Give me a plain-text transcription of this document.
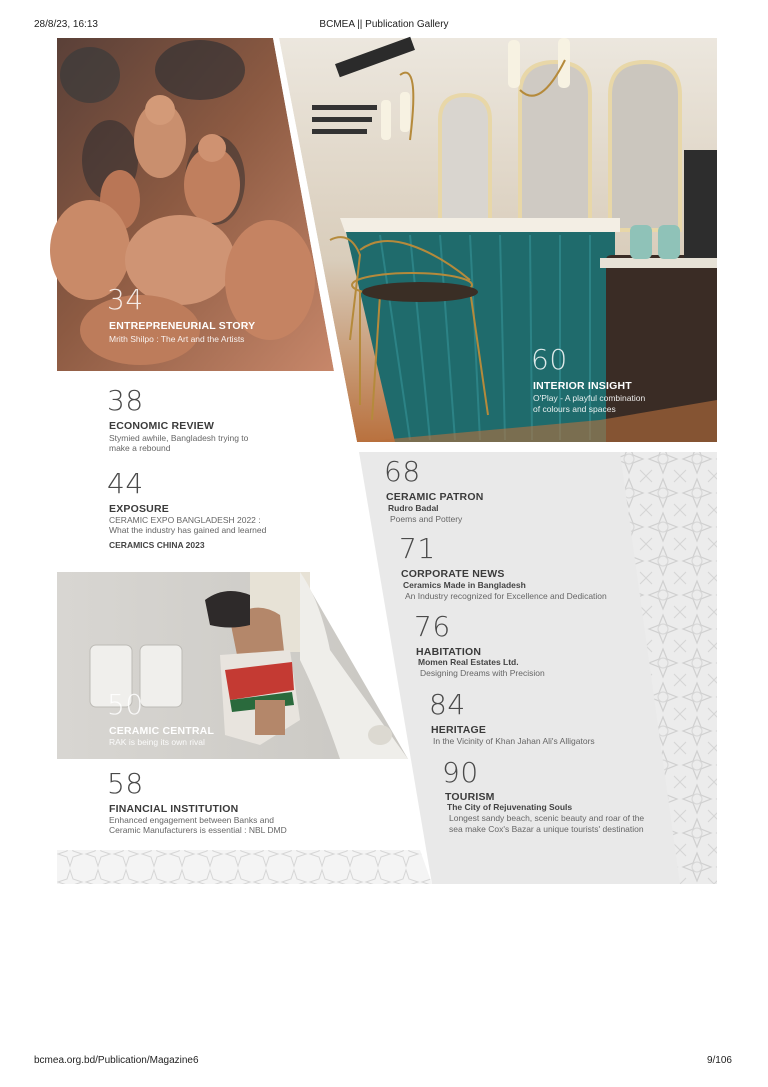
28/8/23, 16:13	BCMEA || Publication Gallery
34
ENTREPRENEURIAL STORY
Mrith Shilpo : The Art and the Artists
60
INTERIOR INSIGHT
O'Play - A playful combination
of colours and spaces
38
ECONOMIC REVIEW
Stymied awhile, Bangladesh trying to
make a rebound
44
EXPOSURE
CERAMIC EXPO BANGLADESH 2022 :
What the industry has gained and learned
CERAMICS CHINA 2023
50
CERAMIC CENTRAL
RAK is being its own rival
58
FINANCIAL INSTITUTION
Enhanced engagement between Banks and
Ceramic Manufacturers is essential : NBL DMD
68
CERAMIC PATRON
Rudro Badal
Poems and Pottery
71
CORPORATE NEWS
Ceramics Made in Bangladesh
An Industry recognized for Excellence and Dedication
76
HABITATION
Momen Real Estates Ltd.
Designing Dreams with Precision
84
HERITAGE
In the Vicinity of Khan Jahan Ali's Alligators
90
TOURISM
The City of Rejuvenating Souls
Longest sandy beach, scenic beauty and roar of the
sea make Cox's Bazar a unique tourists' destination
bcmea.org.bd/Publication/Magazine6	9/106
